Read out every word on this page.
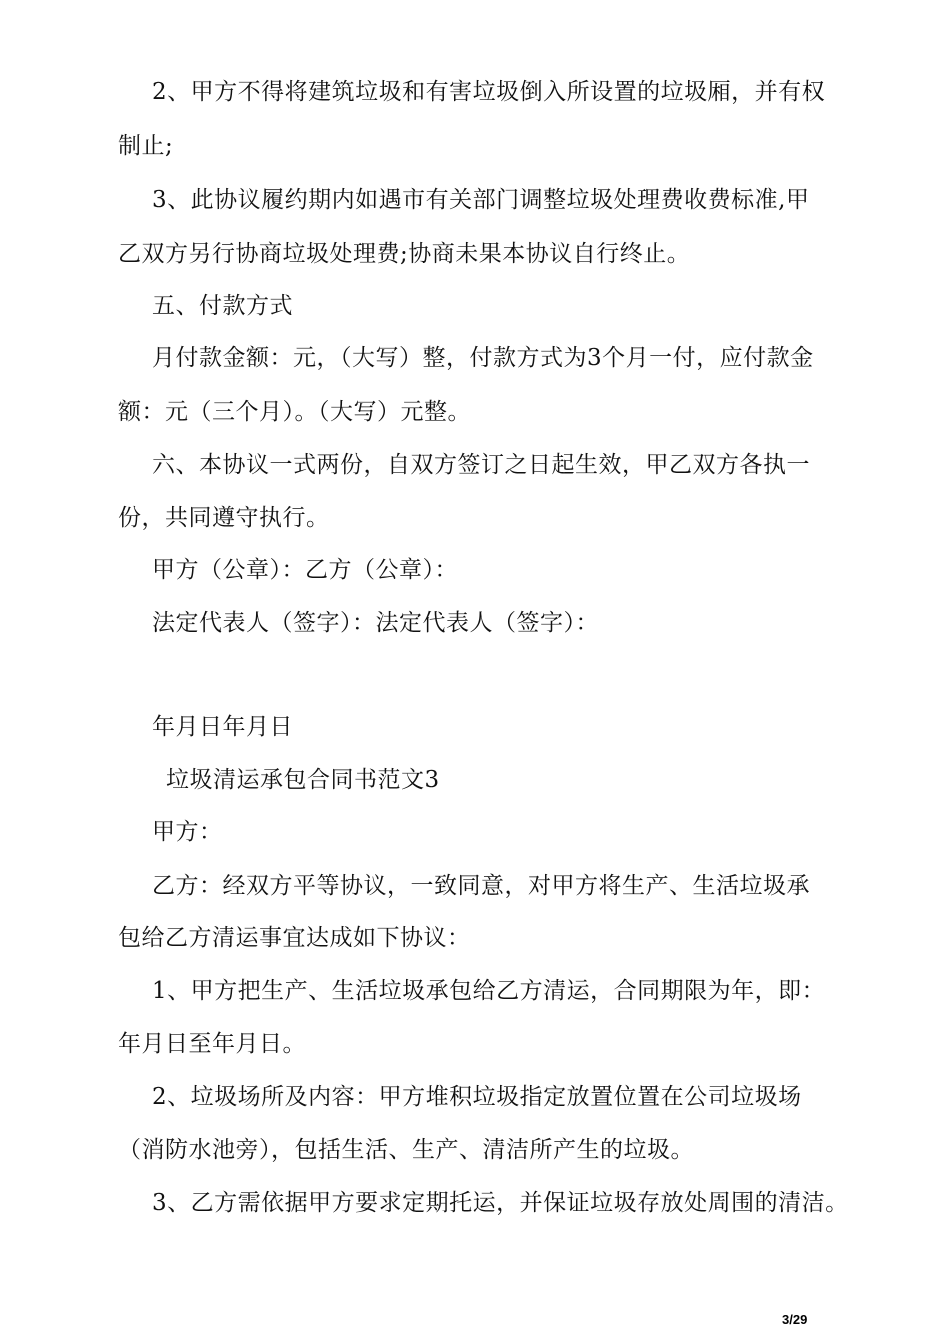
2、甲方不得将建筑垃圾和有害垃圾倒入所设置的垃圾厢，并有权
制止;
3、此协议履约期内如遇市有关部门调整垃圾处理费收费标准,甲
乙双方另行协商垃圾处理费;协商未果本协议自行终止。
五、付款方式
月付款金额：元，（大写）整，付款方式为3个月一付，应付款金
额：元（三个月）。（大写）元整。
六、本协议一式两份，自双方签订之日起生效，甲乙双方各执一
份，共同遵守执行。
甲方（公章）：乙方（公章）：
法定代表人（签字）：法定代表人（签字）：
年月日年月日
垃圾清运承包合同书范文3
甲方：
乙方：经双方平等协议，一致同意，对甲方将生产、生活垃圾承
包给乙方清运事宜达成如下协议：
1、甲方把生产、生活垃圾承包给乙方清运，合同期限为年，即：
年月日至年月日。
2、垃圾场所及内容：甲方堆积垃圾指定放置位置在公司垃圾场
（消防水池旁），包括生活、生产、清洁所产生的垃圾。
3、乙方需依据甲方要求定期托运，并保证垃圾存放处周围的清洁。
3/29
